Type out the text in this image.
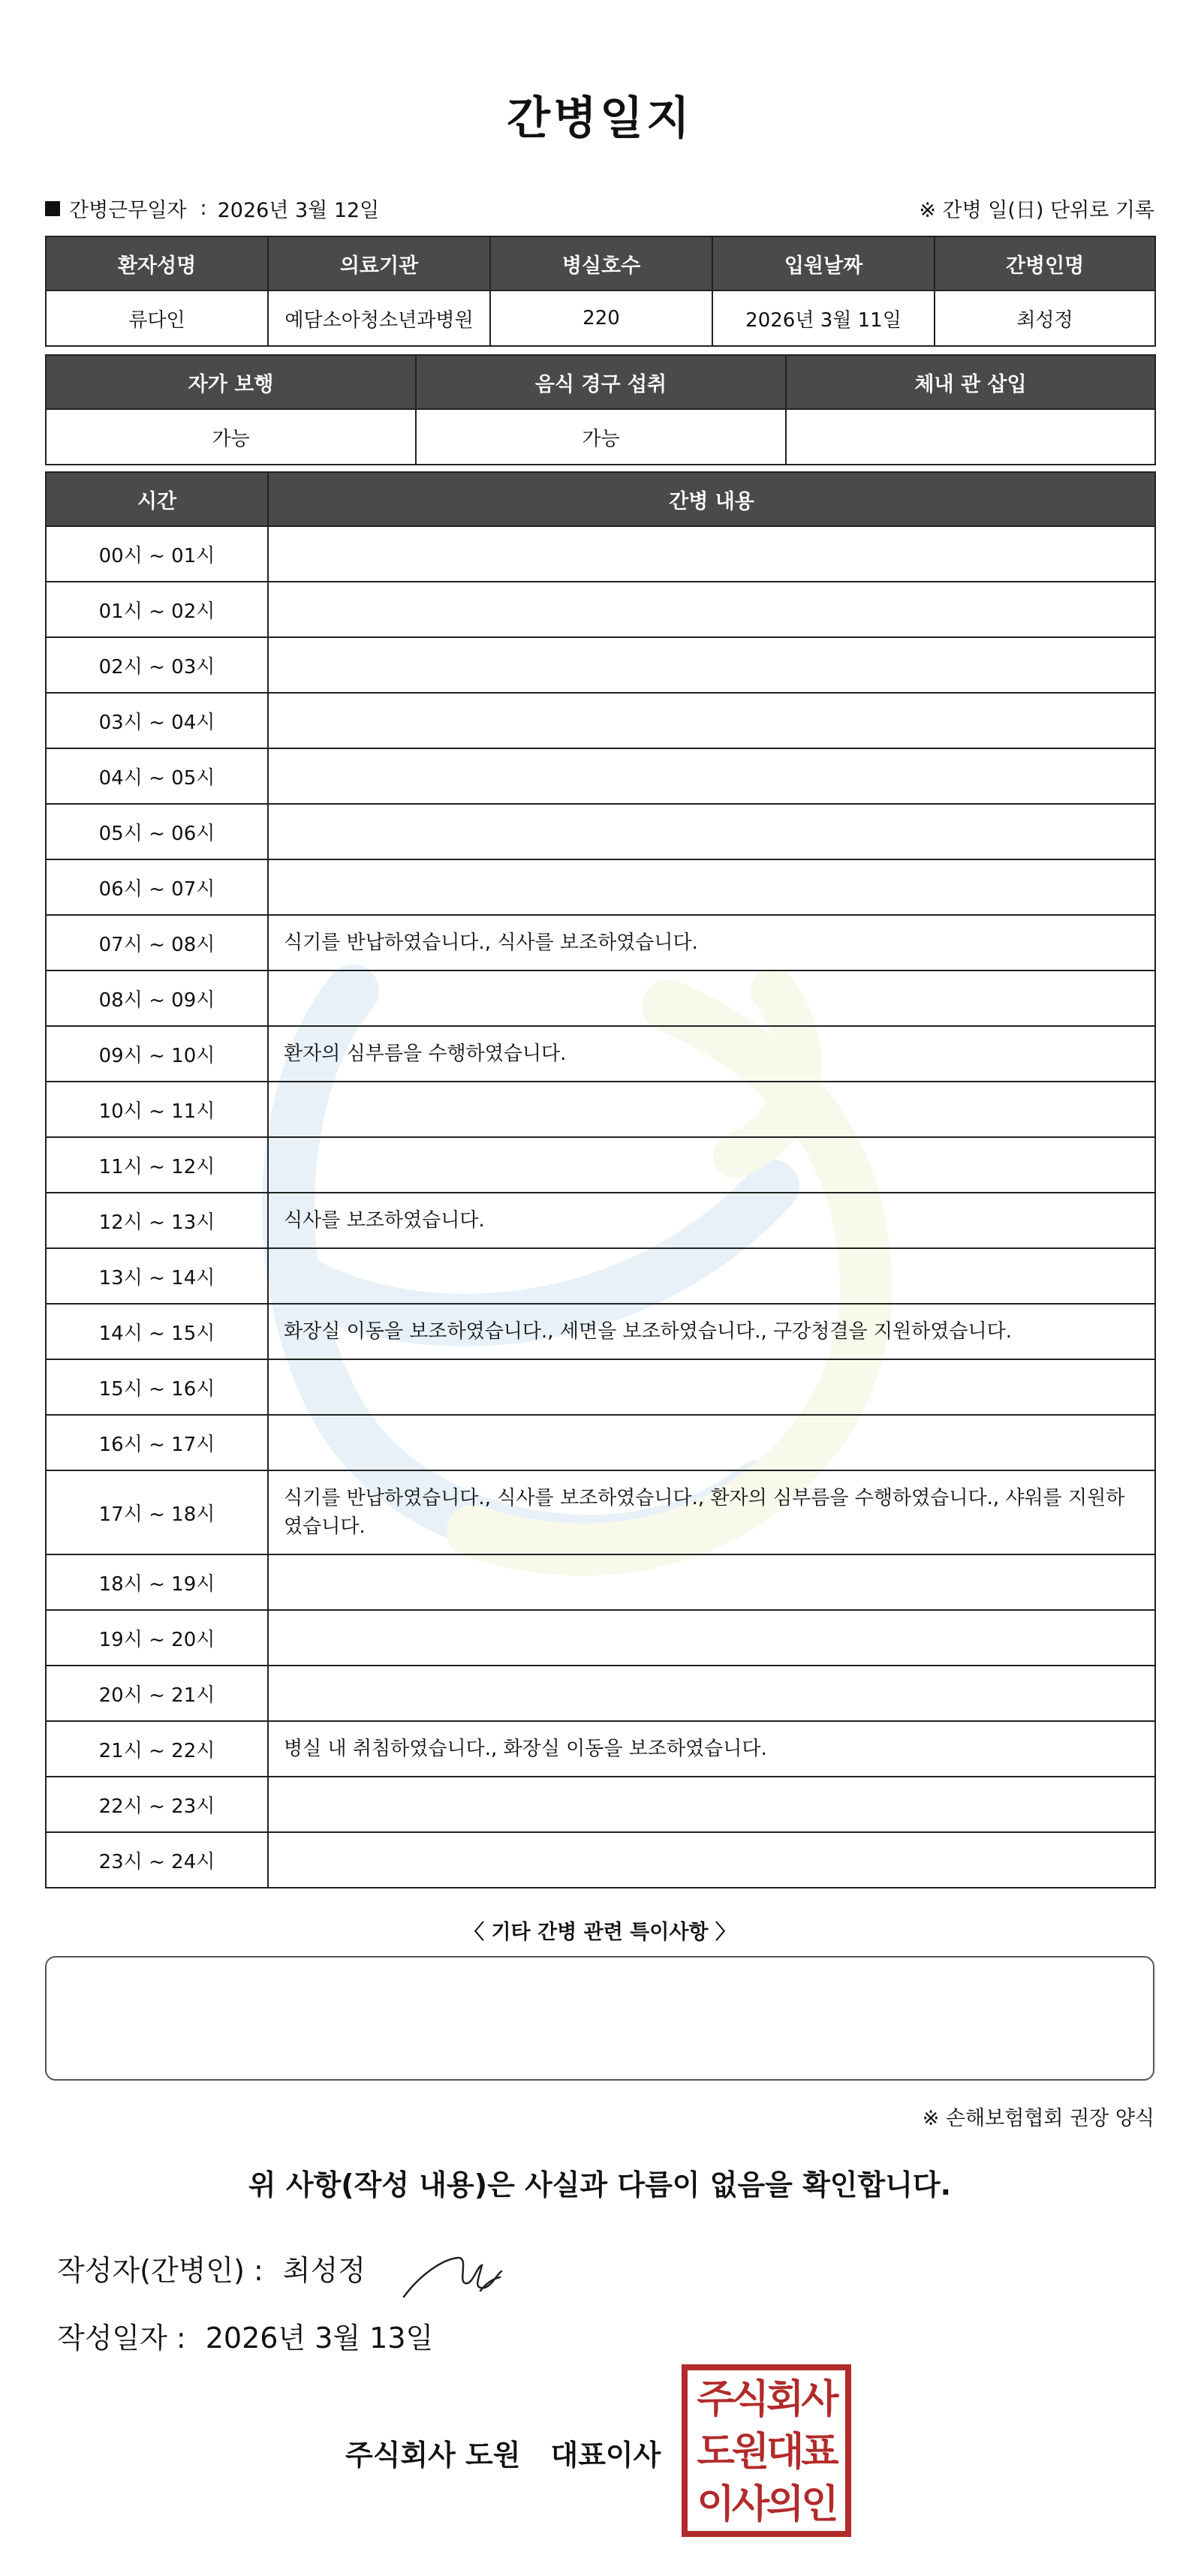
간병일지
간병근무일자 : 2026년 3월 12일	※ 간병 일(日) 단위로 기록
환자성명	의료기관	병실호수	입원날짜	간병인명
류다인	예담소아청소년과병원	220	2026년 3월 11일	최성정
자가 보행	음식 경구 섭취	체내 관 삽입
가능	가능	
시간	간병 내용
00시 ~ 01시	
01시 ~ 02시	
02시 ~ 03시	
03시 ~ 04시	
04시 ~ 05시	
05시 ~ 06시	
06시 ~ 07시	
07시 ~ 08시	식기를 반납하였습니다., 식사를 보조하였습니다.
08시 ~ 09시	
09시 ~ 10시	환자의 심부름을 수행하였습니다.
10시 ~ 11시	
11시 ~ 12시	
12시 ~ 13시	식사를 보조하였습니다.
13시 ~ 14시	
14시 ~ 15시	화장실 이동을 보조하였습니다., 세면을 보조하였습니다., 구강청결을 지원하였습니다.
15시 ~ 16시	
16시 ~ 17시	
17시 ~ 18시	식기를 반납하였습니다., 식사를 보조하였습니다., 환자의 심부름을 수행하였습니다., 샤워를 지원하였습니다.
18시 ~ 19시	
19시 ~ 20시	
20시 ~ 21시	
21시 ~ 22시	병실 내 취침하였습니다., 화장실 이동을 보조하였습니다.
22시 ~ 23시	
23시 ~ 24시	
〈 기타 간병 관련 특이사항 〉
※ 손해보험협회 권장 양식
위 사항(작성 내용)은 사실과 다름이 없음을 확인합니다.
작성자(간병인) : 최성정
작성일자 : 2026년 3월 13일
주식회사 도원 대표이사
주식회사
도원대표
이사의인
